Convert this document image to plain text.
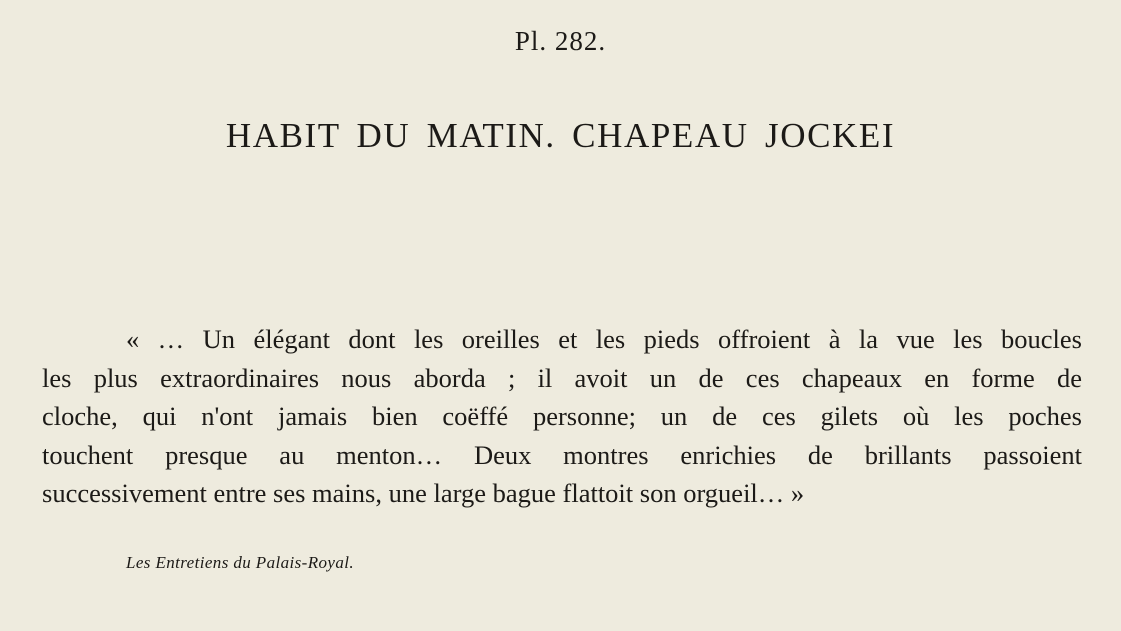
Pl. 282.
HABIT DU MATIN. CHAPEAU JOCKEI
« … Un élégant dont les oreilles et les pieds offroient à la vue les boucles
les plus extraordinaires nous aborda ; il avoit un de ces chapeaux en forme de
cloche, qui n'ont jamais bien coëffé personne; un de ces gilets où les poches
touchent presque au menton… Deux montres enrichies de brillants passoient
successivement entre ses mains, une large bague flattoit son orgueil… »
Les Entretiens du Palais-Royal.
